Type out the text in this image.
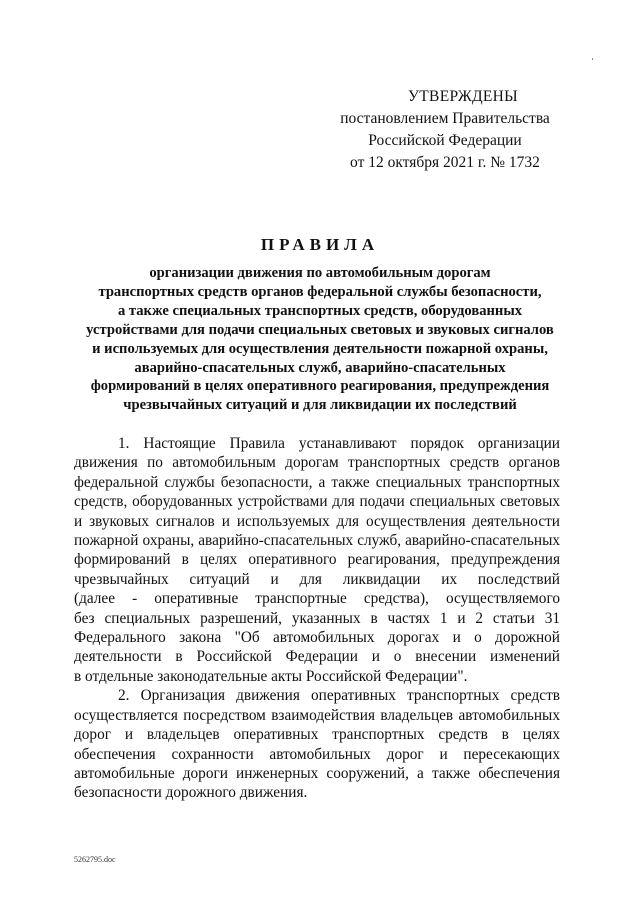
УТВЕРЖДЕНЫ
постановлением Правительства
Российской Федерации
от 12 октября 2021 г. № 1732
ПРАВИЛА
организации движения по автомобильным дорогам
транспортных средств органов федеральной службы безопасности,
а также специальных транспортных средств, оборудованных
устройствами для подачи специальных световых и звуковых сигналов
и используемых для осуществления деятельности пожарной охраны,
аварийно-спасательных служб, аварийно-спасательных
формирований в целях оперативного реагирования, предупреждения
чрезвычайных ситуаций и для ликвидации их последствий
1. Настоящие Правила устанавливают порядок организации
движения по автомобильным дорогам транспортных средств органов
федеральной службы безопасности, а также специальных транспортных
средств, оборудованных устройствами для подачи специальных световых
и звуковых сигналов и используемых для осуществления деятельности
пожарной охраны, аварийно-спасательных служб, аварийно-спасательных
формирований в целях оперативного реагирования, предупреждения
чрезвычайных ситуаций и для ликвидации их последствий
(далее - оперативные транспортные средства), осуществляемого
без специальных разрешений, указанных в частях 1 и 2 статьи 31
Федерального закона "Об автомобильных дорогах и о дорожной
деятельности в Российской Федерации и о внесении изменений
в отдельные законодательные акты Российской Федерации".
2. Организация движения оперативных транспортных средств
осуществляется посредством взаимодействия владельцев автомобильных
дорог и владельцев оперативных транспортных средств в целях
обеспечения сохранности автомобильных дорог и пересекающих
автомобильные дороги инженерных сооружений, а также обеспечения
безопасности дорожного движения.
5262795.doc
